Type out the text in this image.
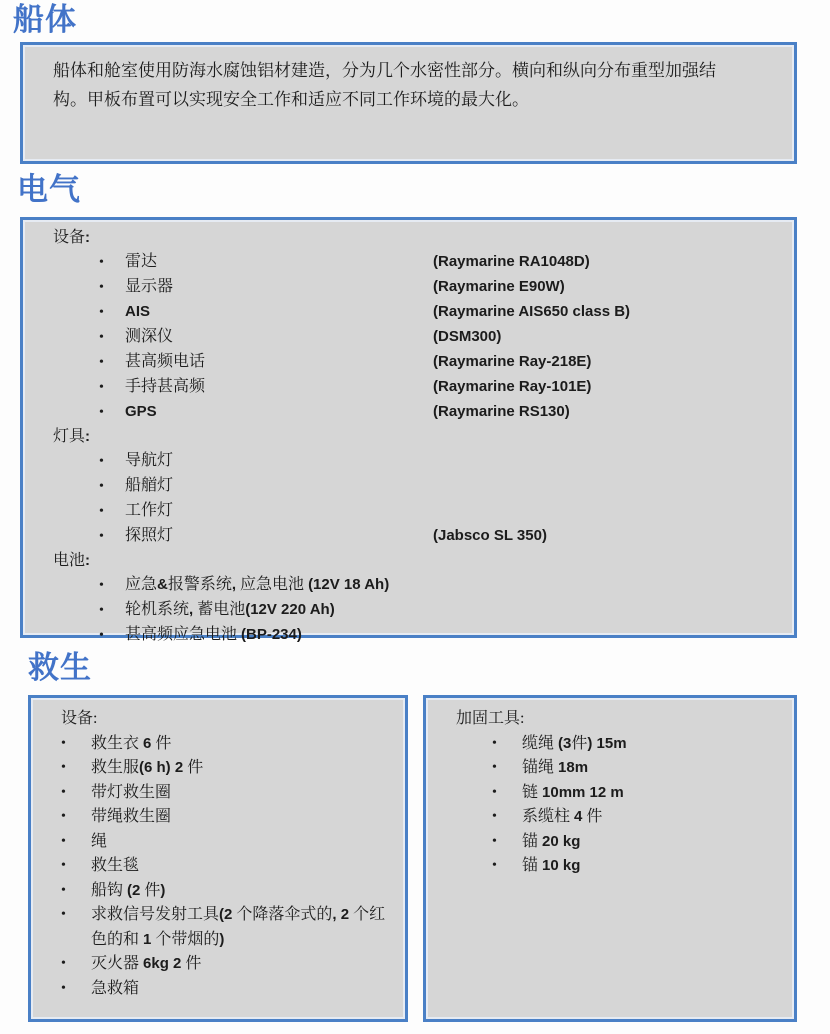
船体

船体和舱室使用防海水腐蚀铝材建造，分为几个水密性部分。横向和纵向分布重型加强结构。甲板布置可以实现安全工作和适应不同工作环境的最大化。

电气
设备:
•
雷达	(Raymarine RA1048D)
•
显示器	(Raymarine E90W)
•
AIS	(Raymarine AIS650 class B)
•
测深仪	(DSM300)
•
甚高频电话	(Raymarine Ray-218E)
•
手持甚高频	(Raymarine Ray-101E)
•
GPS	(Raymarine RS130)
灯具:
•
导航灯
•
船艏灯
•
工作灯
•
探照灯	(Jabsco SL 350)
电池:
•
应急&报警系统, 应急电池 (12V 18 Ah)
•
轮机系统, 蓄电池(12V 220 Ah)
•
甚高频应急电池 (BP-234)
救生
设备:
•
救生衣 6 件
•
救生服(6 h) 2 件
•
带灯救生圈
•
带绳救生圈
•
绳
•
救生毯
•
船钩 (2 件)
•
求救信号发射工具(2 个降落伞式的, 2 个红色的和 1 个带烟的)
•
灭火器 6kg 2 件
•
急救箱
加固工具:
•
缆绳 (3件) 15m
•
锚绳 18m
•
链 10mm 12 m
•
系缆柱 4 件
•
锚 20 kg
•
锚 10 kg
